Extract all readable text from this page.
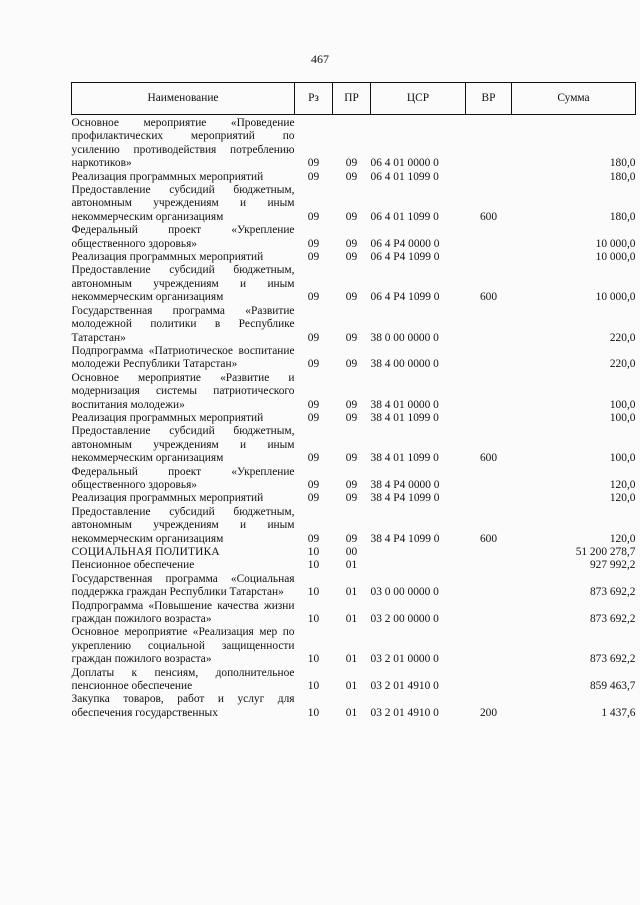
467
Наименование	Рз	ПР	ЦСР	ВР	Сумма
Основное мероприятие «Проведение профилактических мероприятий по усилению противодействия потреблению наркотиков»	09	09	06 4 01 0000 0		180,0
Реализация программных мероприятий	09	09	06 4 01 1099 0		180,0
Предоставление субсидий бюджетным, автономным учреждениям и иным некоммерческим организациям	09	09	06 4 01 1099 0	600	180,0
Федеральный проект «Укрепление общественного здоровья»	09	09	06 4 Р4 0000 0		10 000,0
Реализация программных мероприятий	09	09	06 4 Р4 1099 0		10 000,0
Предоставление субсидий бюджетным, автономным учреждениям и иным некоммерческим организациям	09	09	06 4 Р4 1099 0	600	10 000,0
Государственная программа «Развитие молодежной политики в Республике Татарстан»	09	09	38 0 00 0000 0		220,0
Подпрограмма «Патриотическое воспитание молодежи Республики Татарстан»	09	09	38 4 00 0000 0		220,0
Основное мероприятие «Развитие и модернизация системы патриотического воспитания молодежи»	09	09	38 4 01 0000 0		100,0
Реализация программных мероприятий	09	09	38 4 01 1099 0		100,0
Предоставление субсидий бюджетным, автономным учреждениям и иным некоммерческим организациям	09	09	38 4 01 1099 0	600	100,0
Федеральный проект «Укрепление общественного здоровья»	09	09	38 4 Р4 0000 0		120,0
Реализация программных мероприятий	09	09	38 4 Р4 1099 0		120,0
Предоставление субсидий бюджетным, автономным учреждениям и иным некоммерческим организациям	09	09	38 4 Р4 1099 0	600	120,0
СОЦИАЛЬНАЯ ПОЛИТИКА	10	00			51 200 278,7
Пенсионное обеспечение	10	01			927 992,2
Государственная программа «Социальная поддержка граждан Республики Татарстан»	10	01	03 0 00 0000 0		873 692,2
Подпрограмма «Повышение качества жизни граждан пожилого возраста»	10	01	03 2 00 0000 0		873 692,2
Основное мероприятие «Реализация мер по укреплению социальной защищенности граждан пожилого возраста»	10	01	03 2 01 0000 0		873 692,2
Доплаты к пенсиям, дополнительное пенсионное обеспечение	10	01	03 2 01 4910 0		859 463,7
Закупка товаров, работ и услуг для обеспечения государственных	10	01	03 2 01 4910 0	200	1 437,6
